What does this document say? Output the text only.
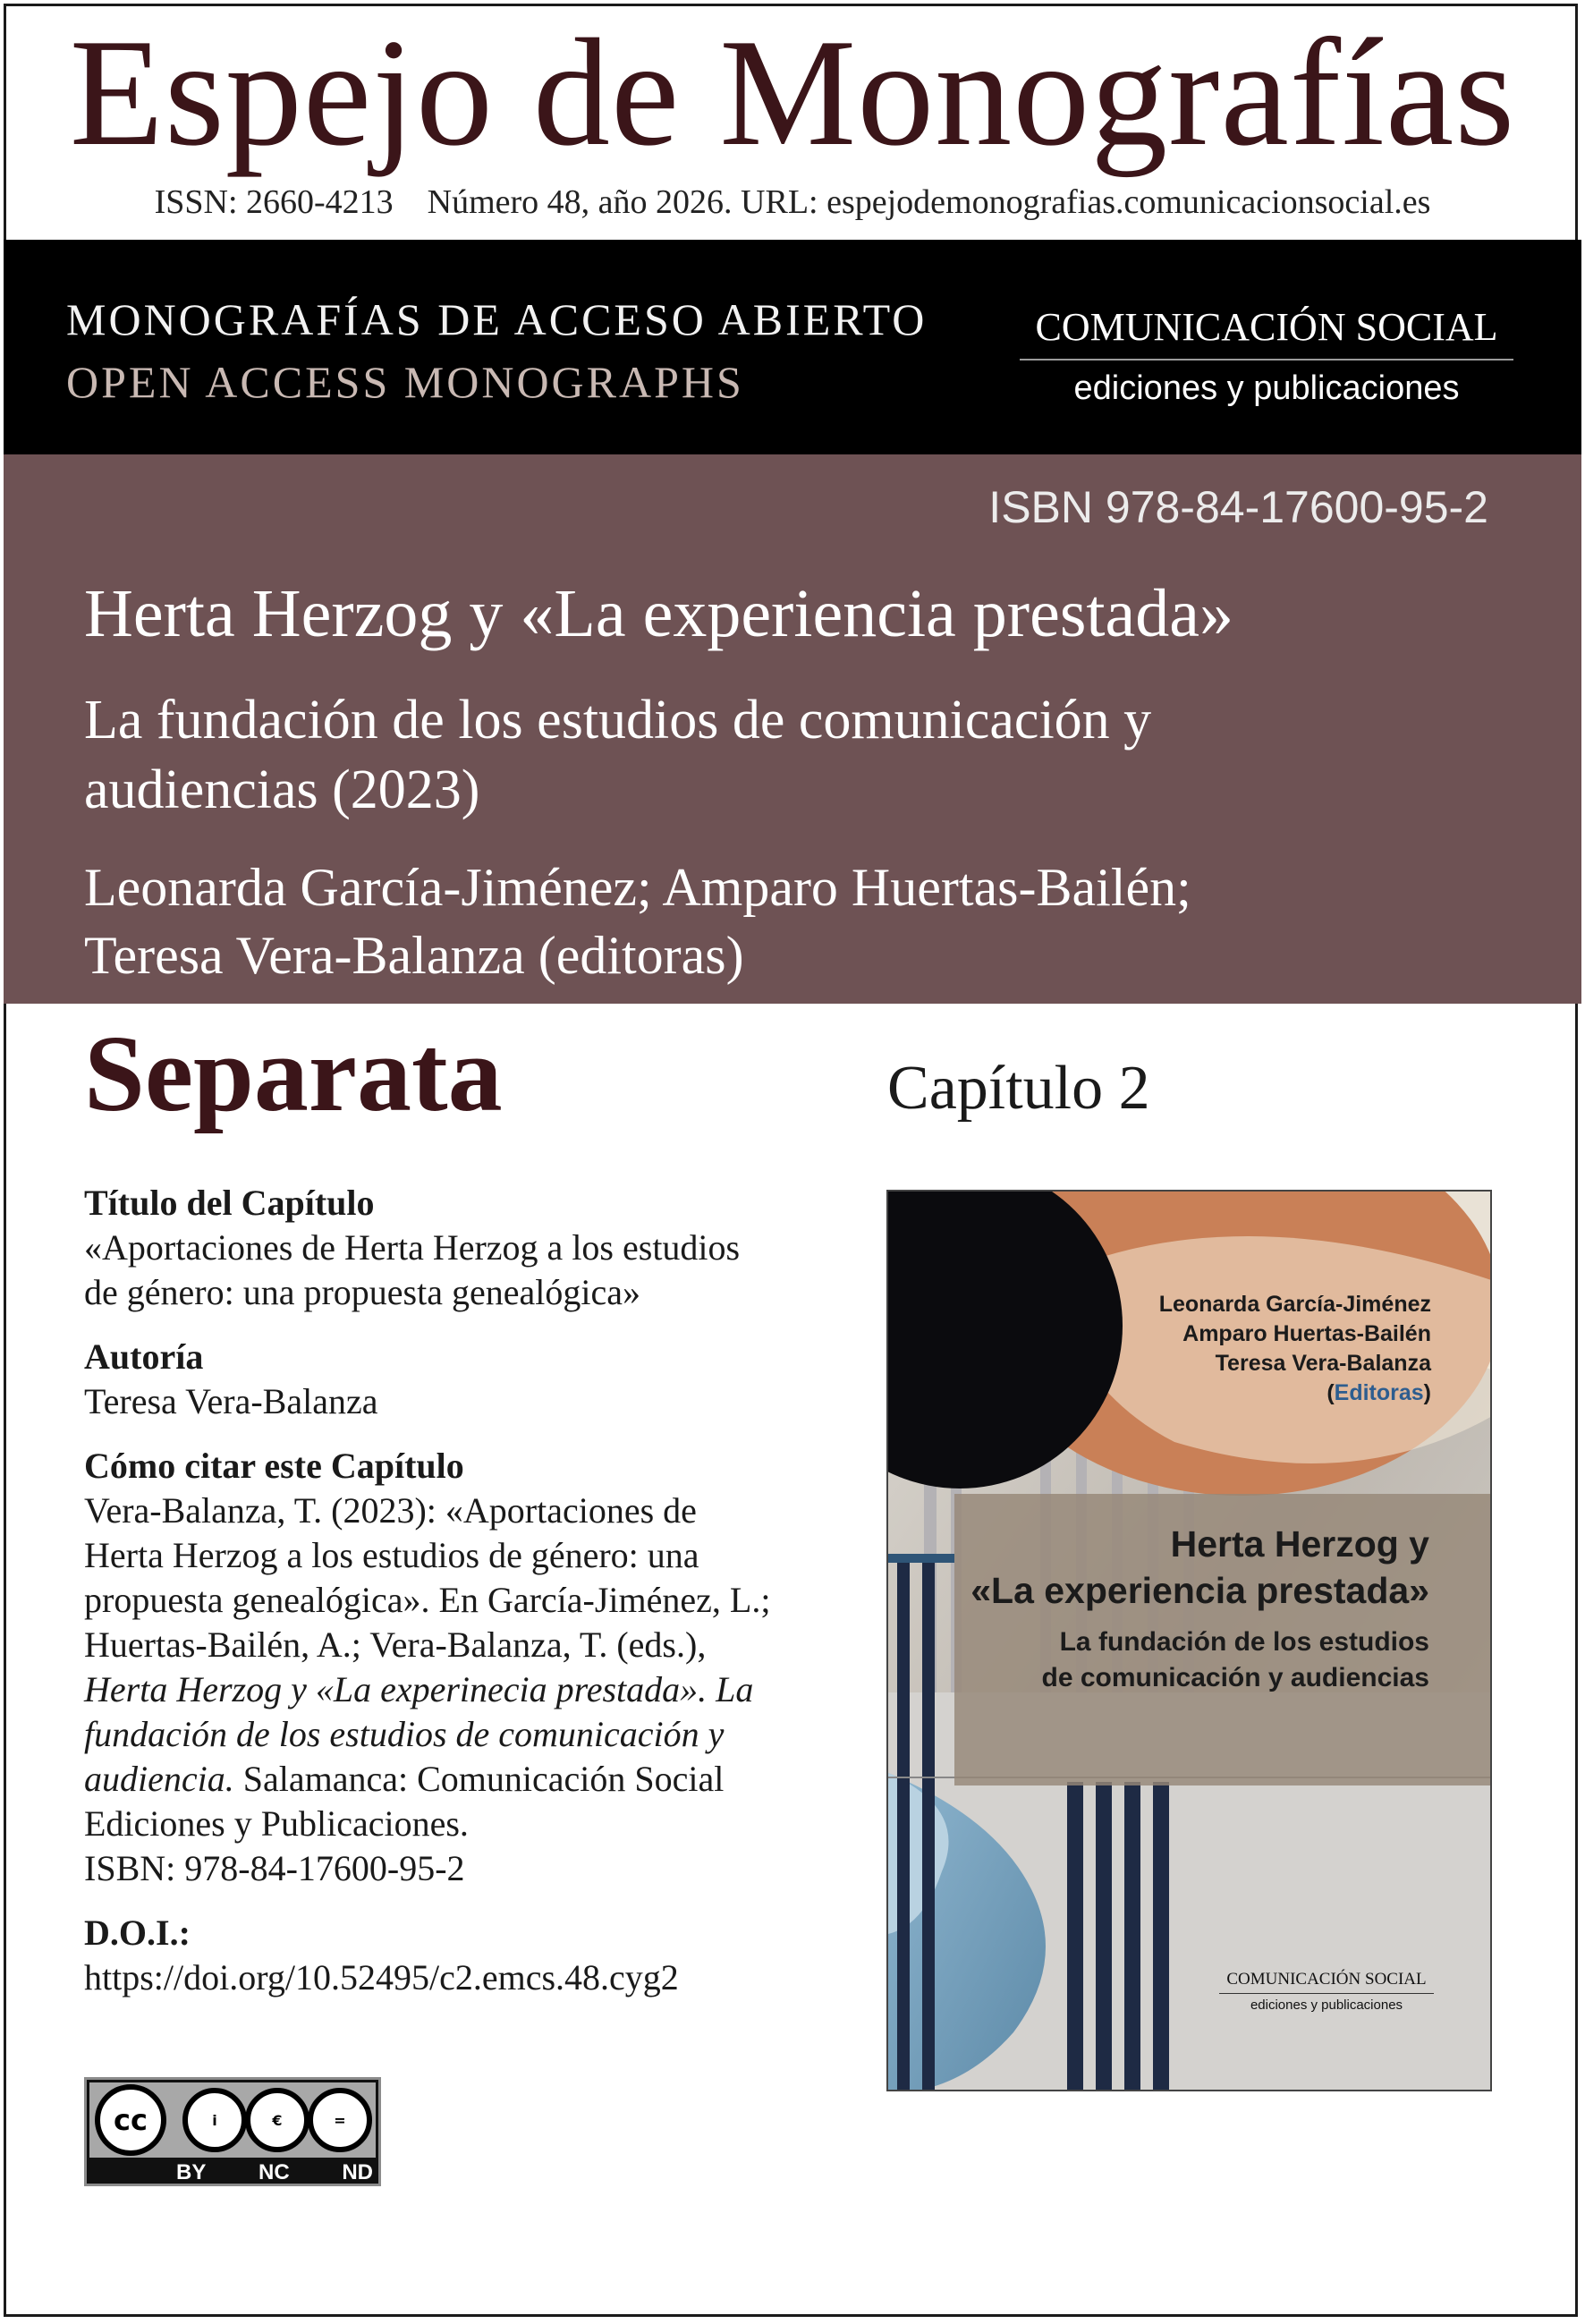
Espejo de Monografías
ISSN: 2660-4213 Número 48, año 2026. URL: espejodemonografias.comunicacionsocial.es
MONOGRAFÍAS DE ACCESO ABIERTO
OPEN ACCESS MONOGRAPHS
COMUNICACIÓN SOCIAL
ediciones y publicaciones
ISBN 978-84-17600-95-2
Herta Herzog y «La experiencia prestada»
La fundación de los estudios de comunicación y audiencias (2023)
Leonarda García-Jiménez; Amparo Huertas-Bailén; Teresa Vera-Balanza (editoras)
Separata	Capítulo 2
Título del Capítulo
«Aportaciones de Herta Herzog a los estudios de género: una propuesta genealógica»
Autoría
Teresa Vera-Balanza
Cómo citar este Capítulo
Vera-Balanza, T. (2023): «Aportaciones de Herta Herzog a los estudios de género: una propuesta genealógica». En García-Jiménez, L.; Huertas-Bailén, A.; Vera-Balanza, T. (eds.), Herta Herzog y «La experinecia prestada». La fundación de los estudios de comunicación y audiencia. Salamanca: Comunicación Social Ediciones y Publicaciones.
ISBN: 978-84-17600-95-2
D.O.I.:
https://doi.org/10.52495/c2.emcs.48.cyg2
cc	i	€	=
BY NC ND
Leonarda García-Jiménez
Amparo Huertas-Bailén
Teresa Vera-Balanza
(Editoras)
Herta Herzog y
«La experiencia prestada»
La fundación de los estudios
de comunicación y audiencias
COMUNICACIÓN SOCIAL
ediciones y publicaciones
